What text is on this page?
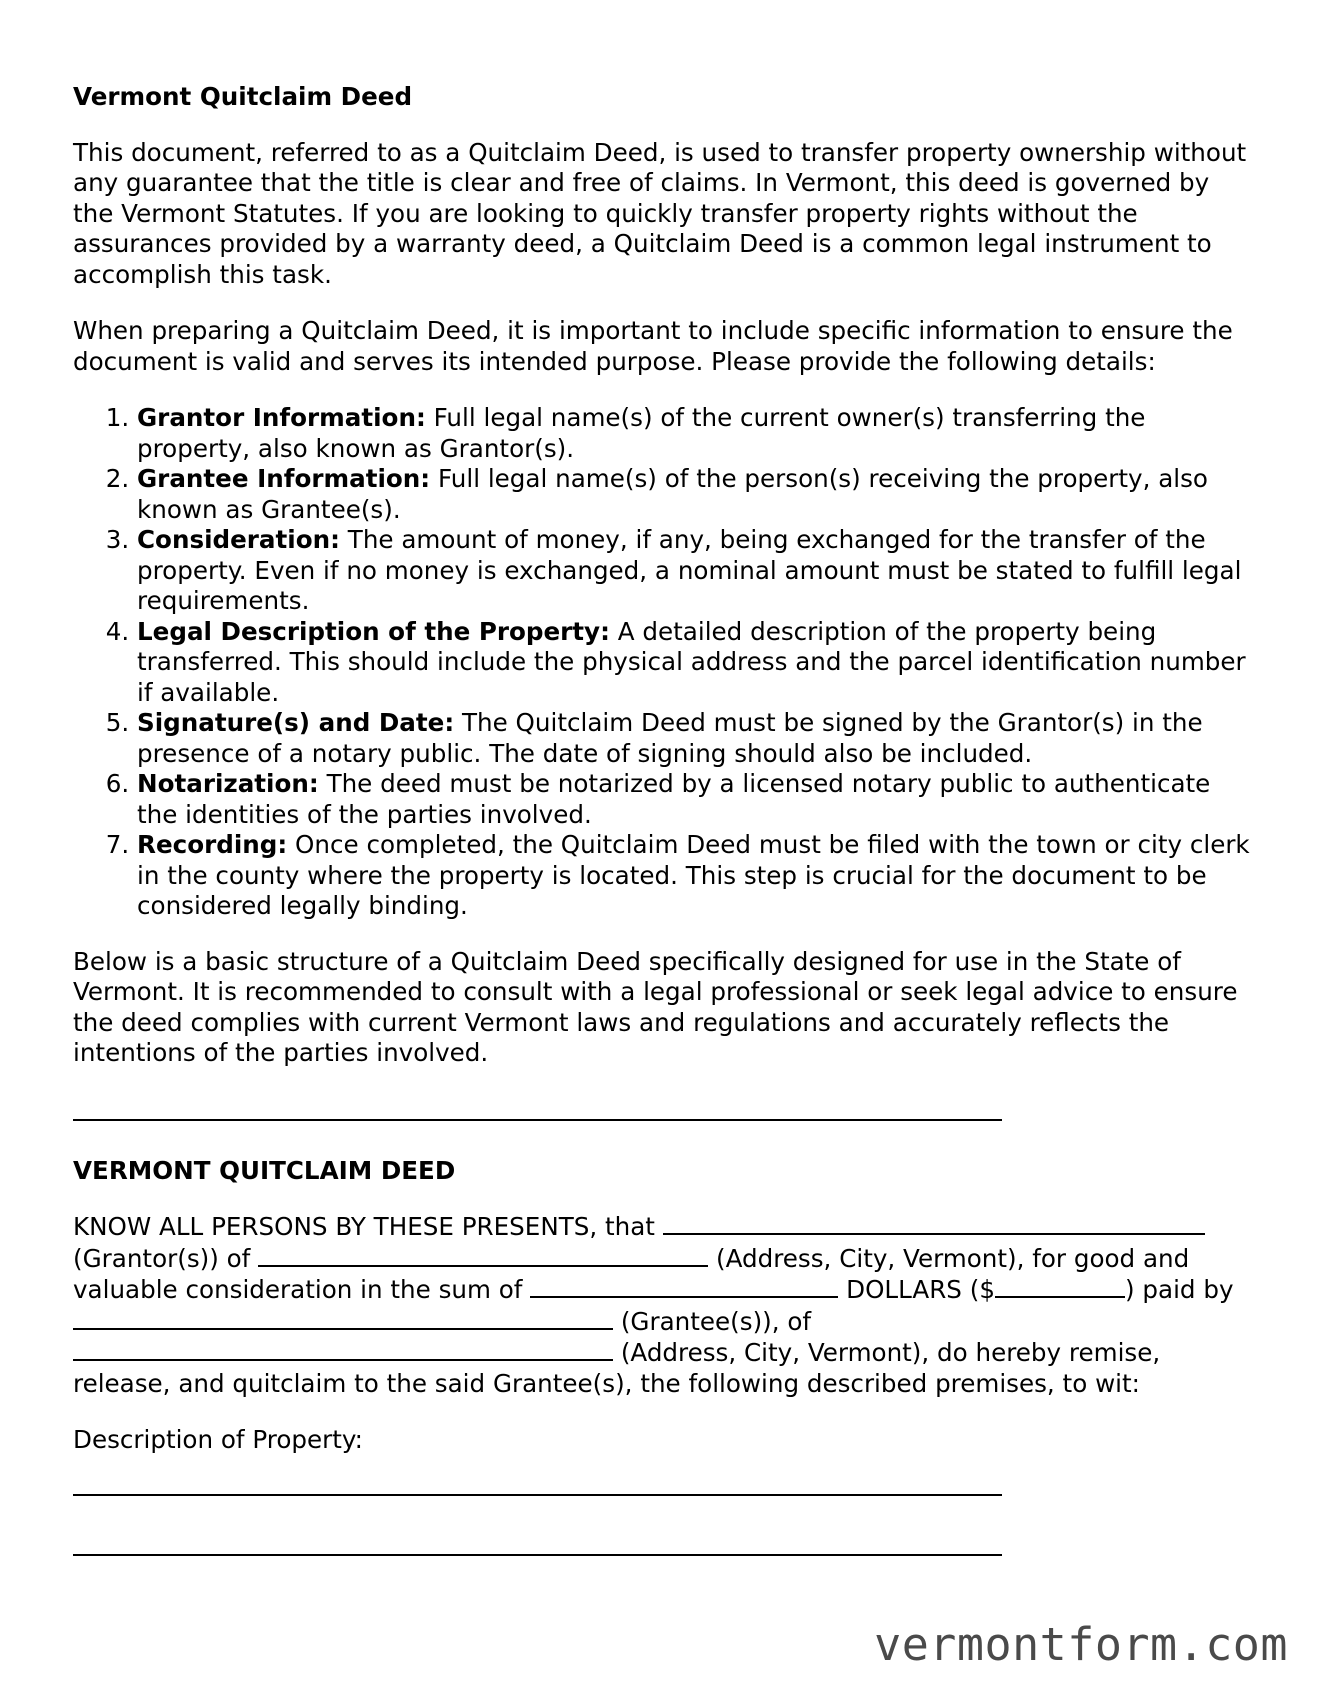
Vermont Quitclaim Deed

This document, referred to as a Quitclaim Deed, is used to transfer property ownership without any guarantee that the title is clear and free of claims. In Vermont, this deed is governed by the Vermont Statutes. If you are looking to quickly transfer property rights without the assurances provided by a warranty deed, a Quitclaim Deed is a common legal instrument to accomplish this task.

When preparing a Quitclaim Deed, it is important to include specific information to ensure the document is valid and serves its intended purpose. Please provide the following details:

1. Grantor Information: Full legal name(s) of the current owner(s) transferring the property, also known as Grantor(s).
2. Grantee Information: Full legal name(s) of the person(s) receiving the property, also known as Grantee(s).
3. Consideration: The amount of money, if any, being exchanged for the transfer of the property. Even if no money is exchanged, a nominal amount must be stated to fulfill legal requirements.
4. Legal Description of the Property: A detailed description of the property being transferred. This should include the physical address and the parcel identification number if available.
5. Signature(s) and Date: The Quitclaim Deed must be signed by the Grantor(s) in the presence of a notary public. The date of signing should also be included.
6. Notarization: The deed must be notarized by a licensed notary public to authenticate the identities of the parties involved.
7. Recording: Once completed, the Quitclaim Deed must be filed with the town or city clerk in the county where the property is located. This step is crucial for the document to be considered legally binding.

Below is a basic structure of a Quitclaim Deed specifically designed for use in the State of Vermont. It is recommended to consult with a legal professional or seek legal advice to ensure the deed complies with current Vermont laws and regulations and accurately reflects the intentions of the parties involved.

VERMONT QUITCLAIM DEED
KNOW ALL PERSONS BY THESE PRESENTS, that  (Grantor(s)) of	(Address, City, Vermont), for good and valuable consideration in the sum of	DOLLARS ($	) paid by  (Grantee(s)), of  (Address, City, Vermont), do hereby remise, release, and quitclaim to the said Grantee(s), the following described premises, to wit:
Description of Property:
vermontform.com
